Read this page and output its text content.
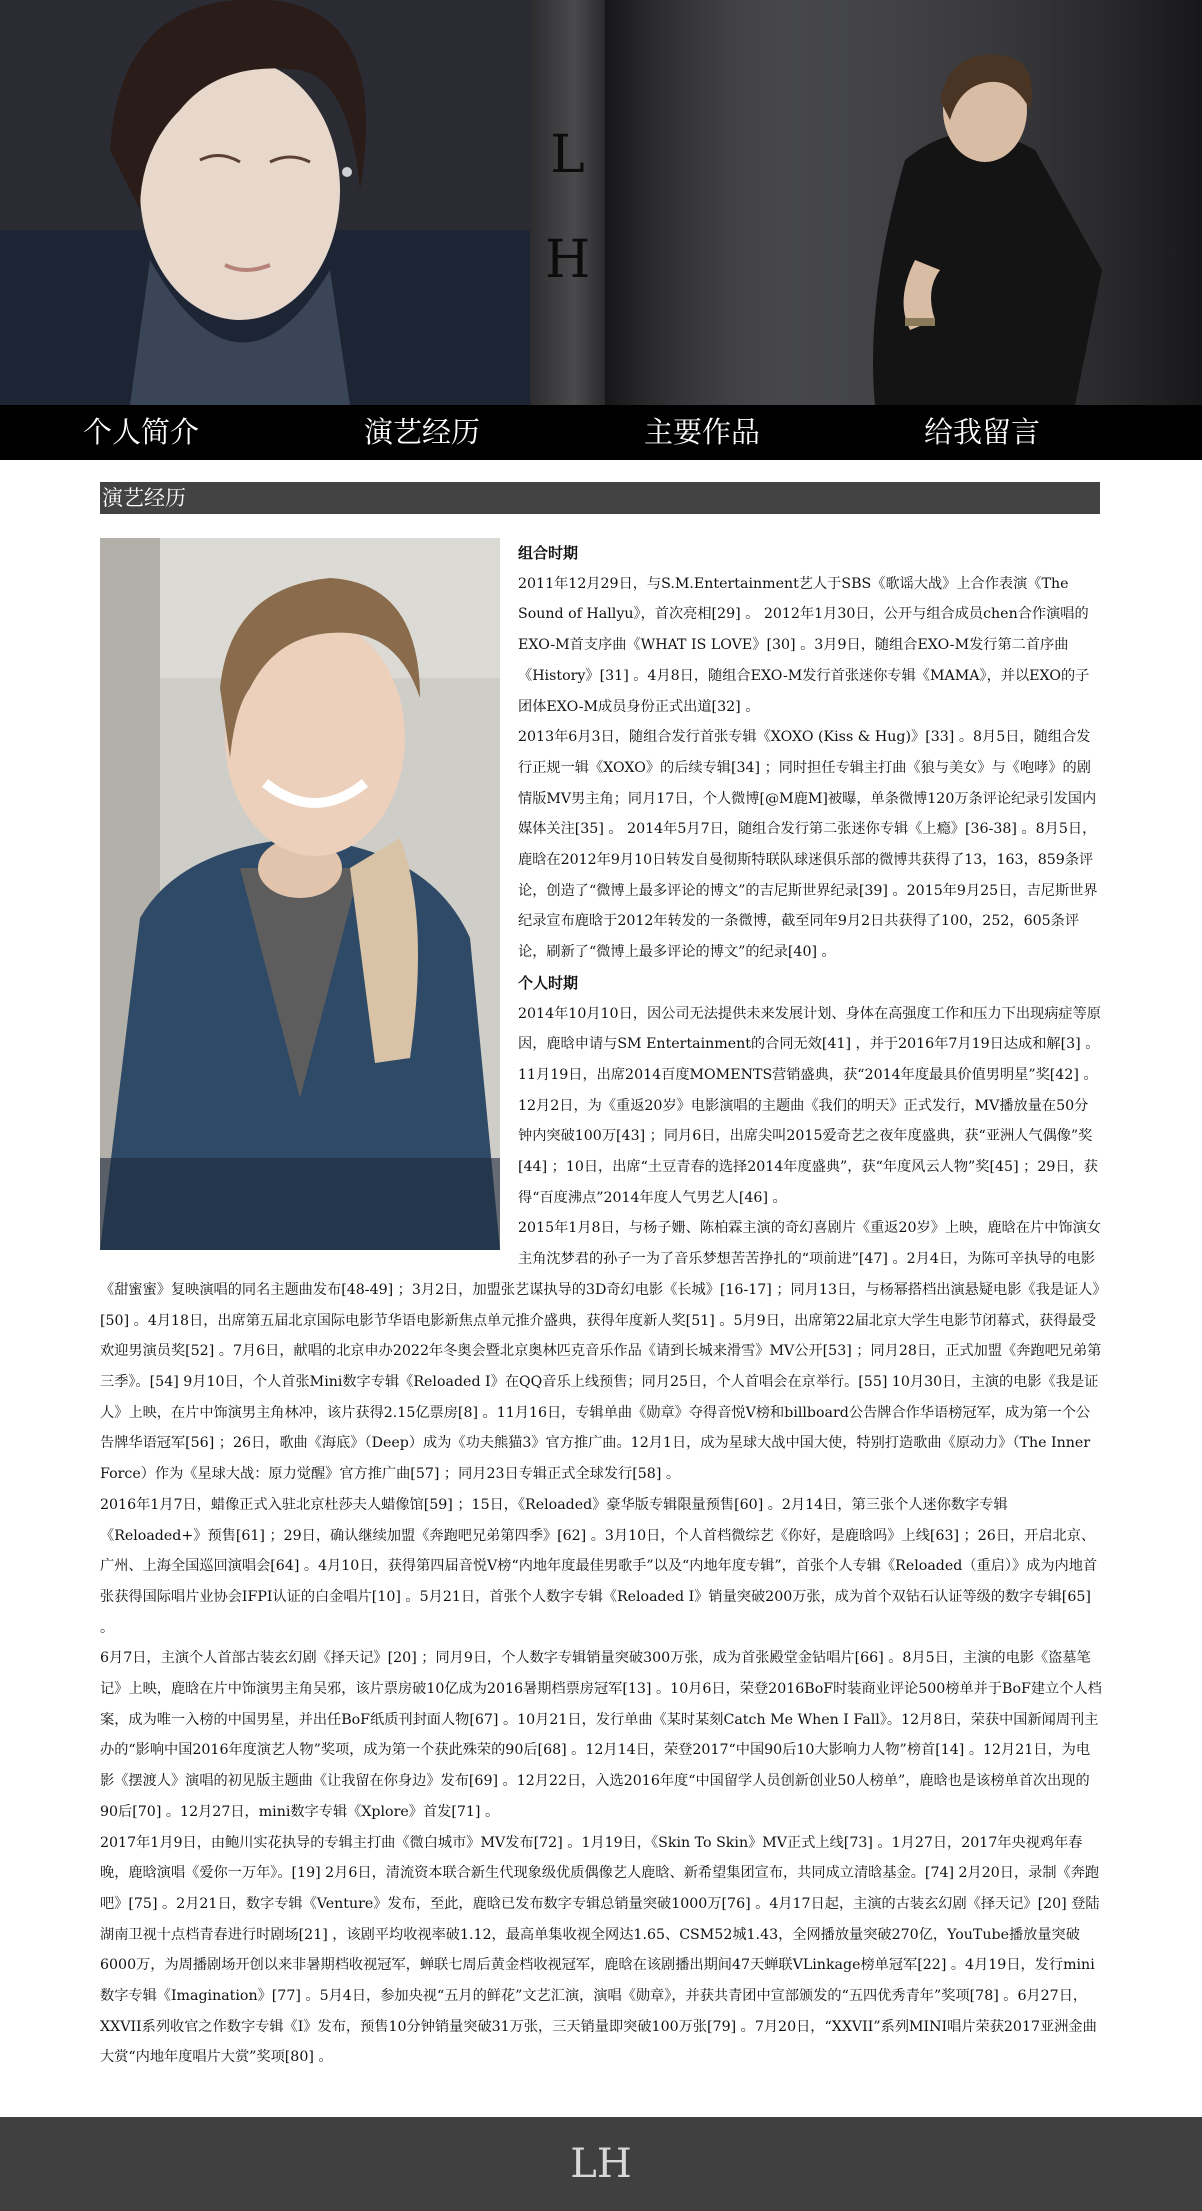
L
H
个人简介	演艺经历	主要作品	给我留言
演艺经历
组合时期

2011年12月29日，与S.M.Entertainment艺人于SBS《歌谣大战》上合作表演《The Sound of Hallyu》，首次亮相[29] 。 2012年1月30日，公开与组合成员chen合作演唱的EXO-M首支序曲《WHAT IS LOVE》[30] 。3月9日，随组合EXO-M发行第二首序曲《History》[31] 。4月8日，随组合EXO-M发行首张迷你专辑《MAMA》，并以EXO的子团体EXO-M成员身份正式出道[32] 。

2013年6月3日，随组合发行首张专辑《XOXO (Kiss & Hug)》[33] 。8月5日，随组合发行正规一辑《XOXO》的后续专辑[34] ；同时担任专辑主打曲《狼与美女》与《咆哮》的剧情版MV男主角；同月17日，个人微博[@M鹿M]被曝，单条微博120万条评论纪录引发国内媒体关注[35] 。 2014年5月7日，随组合发行第二张迷你专辑《上瘾》[36-38] 。8月5日，鹿晗在2012年9月10日转发自曼彻斯特联队球迷俱乐部的微博共获得了13，163，859条评论，创造了“微博上最多评论的博文”的吉尼斯世界纪录[39] 。2015年9月25日，吉尼斯世界纪录宣布鹿晗于2012年转发的一条微博，截至同年9月2日共获得了100，252，605条评论，刷新了“微博上最多评论的博文”的纪录[40] 。

个人时期

2014年10月10日，因公司无法提供未来发展计划、身体在高强度工作和压力下出现病症等原因，鹿晗申请与SM Entertainment的合同无效[41] ，并于2016年7月19日达成和解[3] 。11月19日，出席2014百度MOMENTS营销盛典，获“2014年度最具价值男明星”奖[42] 。12月2日，为《重返20岁》电影演唱的主题曲《我们的明天》正式发行，MV播放量在50分钟内突破100万[43] ；同月6日，出席尖叫2015爱奇艺之夜年度盛典，获“亚洲人气偶像”奖[44] ；10日，出席“土豆青春的选择2014年度盛典”，获“年度风云人物”奖[45] ；29日，获得“百度沸点”2014年度人气男艺人[46] 。

2015年1月8日，与杨子姗、陈柏霖主演的奇幻喜剧片《重返20岁》上映，鹿晗在片中饰演女主角沈梦君的孙子一为了音乐梦想苦苦挣扎的“项前进”[47] 。2月4日，为陈可辛执导的电影《甜蜜蜜》复映演唱的同名主题曲发布[48-49] ；3月2日，加盟张艺谋执导的3D奇幻电影《长城》[16-17] ；同月13日，与杨幂搭档出演悬疑电影《我是证人》[50] 。4月18日，出席第五届北京国际电影节华语电影新焦点单元推介盛典，获得年度新人奖[51] 。5月9日，出席第22届北京大学生电影节闭幕式，获得最受欢迎男演员奖[52] 。7月6日，献唱的北京申办2022年冬奥会暨北京奥林匹克音乐作品《请到长城来滑雪》MV公开[53] ；同月28日，正式加盟《奔跑吧兄弟第三季》。[54] 9月10日，个人首张Mini数字专辑《Reloaded I》在QQ音乐上线预售；同月25日，个人首唱会在京举行。[55] 10月30日，主演的电影《我是证人》上映，在片中饰演男主角林冲，该片获得2.15亿票房[8] 。11月16日，专辑单曲《勋章》夺得音悦V榜和billboard公告牌合作华语榜冠军，成为第一个公告牌华语冠军[56] ；26日，歌曲《海底》（Deep）成为《功夫熊猫3》官方推广曲。12月1日，成为星球大战中国大使，特别打造歌曲《原动力》（The Inner Force）作为《星球大战：原力觉醒》官方推广曲[57] ；同月23日专辑正式全球发行[58] 。

2016年1月7日，蜡像正式入驻北京杜莎夫人蜡像馆[59] ；15日，《Reloaded》豪华版专辑限量预售[60] 。2月14日，第三张个人迷你数字专辑《Reloaded+》预售[61] ；29日，确认继续加盟《奔跑吧兄弟第四季》[62] 。3月10日，个人首档微综艺《你好，是鹿晗吗》上线[63] ；26日，开启北京、广州、上海全国巡回演唱会[64] 。4月10日，获得第四届音悦V榜“内地年度最佳男歌手”以及“内地年度专辑”，首张个人专辑《Reloaded（重启）》成为内地首张获得国际唱片业协会IFPI认证的白金唱片[10] 。5月21日，首张个人数字专辑《Reloaded I》销量突破200万张，成为首个双钻石认证等级的数字专辑[65] 。

6月7日，主演个人首部古装玄幻剧《择天记》[20] ；同月9日，个人数字专辑销量突破300万张，成为首张殿堂金钻唱片[66] 。8月5日，主演的电影《盗墓笔记》上映，鹿晗在片中饰演男主角吴邪，该片票房破10亿成为2016暑期档票房冠军[13] 。10月6日，荣登2016BoF时装商业评论500榜单并于BoF建立个人档案，成为唯一入榜的中国男星，并出任BoF纸质刊封面人物[67] 。10月21日，发行单曲《某时某刻Catch Me When I Fall》。12月8日，荣获中国新闻周刊主办的“影响中国2016年度演艺人物”奖项，成为第一个获此殊荣的90后[68] 。12月14日，荣登2017“中国90后10大影响力人物”榜首[14] 。12月21日，为电影《摆渡人》演唱的初见版主题曲《让我留在你身边》发布[69] 。12月22日，入选2016年度“中国留学人员创新创业50人榜单”，鹿晗也是该榜单首次出现的90后[70] 。12月27日，mini数字专辑《Xplore》首发[71] 。

2017年1月9日，由鲍川实花执导的专辑主打曲《微白城市》MV发布[72] 。1月19日，《Skin To Skin》MV正式上线[73] 。1月27日，2017年央视鸡年春晚，鹿晗演唱《爱你一万年》。[19] 2月6日，清流资本联合新生代现象级优质偶像艺人鹿晗、新希望集团宣布，共同成立清晗基金。[74] 2月20日，录制《奔跑吧》[75] 。2月21日，数字专辑《Venture》发布，至此，鹿晗已发布数字专辑总销量突破1000万[76] 。4月17日起，主演的古装玄幻剧《择天记》[20] 登陆湖南卫视十点档青春进行时剧场[21] ，该剧平均收视率破1.12，最高单集收视全网达1.65、CSM52城1.43，全网播放量突破270亿，YouTube播放量突破6000万，为周播剧场开创以来非暑期档收视冠军，蝉联七周后黄金档收视冠军，鹿晗在该剧播出期间47天蝉联VLinkage榜单冠军[22] 。4月19日，发行mini数字专辑《Imagination》[77] 。5月4日，参加央视“五月的鲜花”文艺汇演，演唱《勋章》，并获共青团中宣部颁发的“五四优秀青年”奖项[78] 。6月27日，XXVII系列收官之作数字专辑《I》发布，预售10分钟销量突破31万张，三天销量即突破100万张[79] 。7月20日，“XXVII”系列MINI唱片荣获2017亚洲金曲大赏“内地年度唱片大赏”奖项[80] 。

LH
